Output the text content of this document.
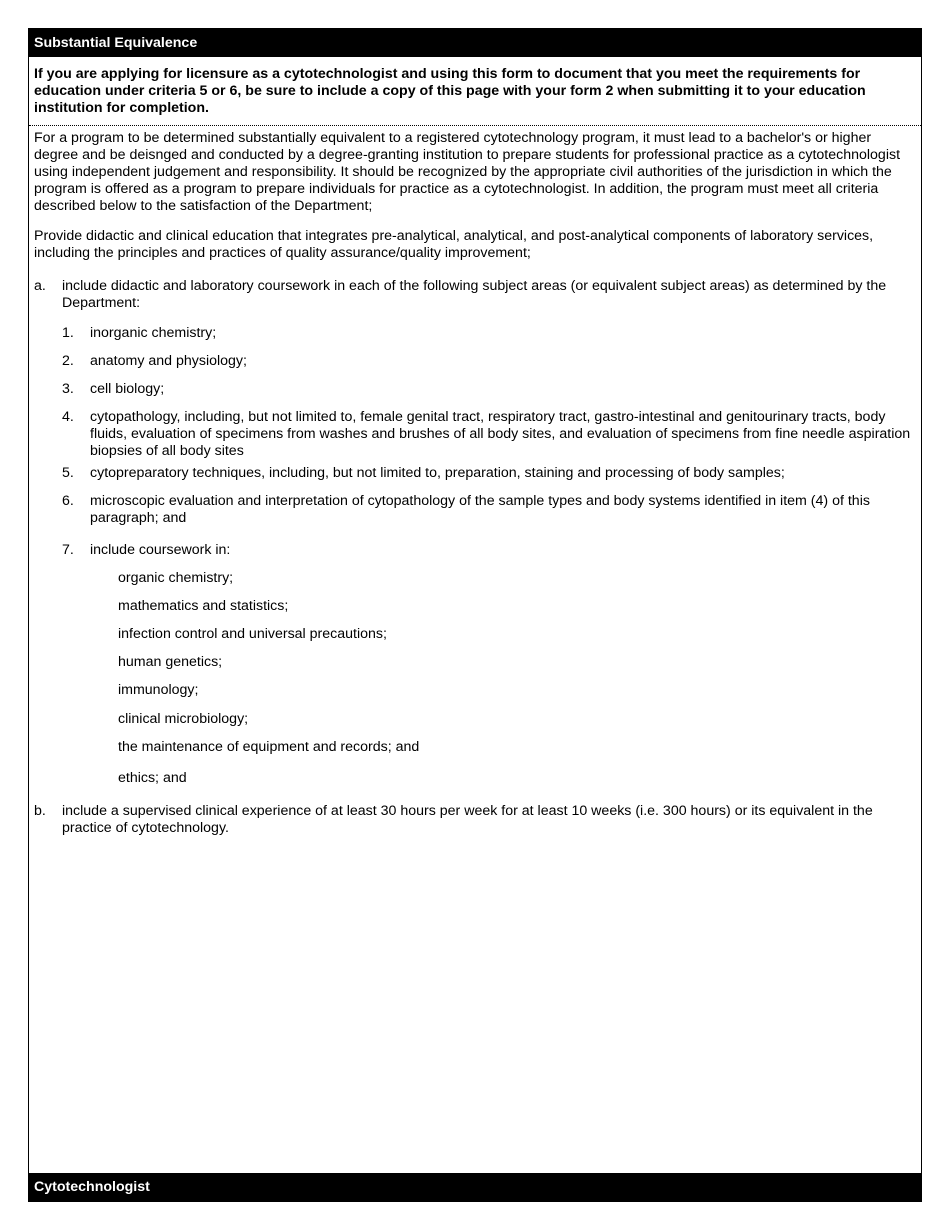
Substantial Equivalence
If you are applying for licensure as a cytotechnologist and using this form to document that you meet the requirements for education under criteria 5 or 6, be sure to include a copy of this page with your form 2 when submitting it to your education institution for completion.
For a program to be determined substantially equivalent to a registered cytotechnology program, it must lead to a bachelor's or higher degree and be deisnged and conducted by a degree-granting institution to prepare students for professional practice as a cytotechnologist using independent judgement and responsibility. It should be recognized by the appropriate civil authorities of the jurisdiction in which the program is offered as a program to prepare individuals for practice as a cytotechnologist. In addition, the program must meet all criteria described below to the satisfaction of the Department;
Provide didactic and clinical education that integrates pre-analytical, analytical, and post-analytical components of laboratory services, including the principles and practices of quality assurance/quality improvement;
a. include didactic and laboratory coursework in each of the following subject areas (or equivalent subject areas) as determined by the Department:
1. inorganic chemistry;
2. anatomy and physiology;
3. cell biology;
4. cytopathology, including, but not limited to, female genital tract, respiratory tract, gastro-intestinal and genitourinary tracts, body fluids, evaluation of specimens from washes and brushes of all body sites, and evaluation of specimens from fine needle aspiration biopsies of all body sites
5. cytopreparatory techniques, including, but not limited to, preparation, staining and processing of body samples;
6. microscopic evaluation and interpretation of cytopathology of the sample types and body systems identified in item (4) of this paragraph; and
7. include coursework in:
organic chemistry;
mathematics and statistics;
infection control and universal precautions;
human genetics;
immunology;
clinical microbiology;
the maintenance of equipment and records; and
ethics; and
b. include a supervised clinical experience of at least 30 hours per week for at least 10 weeks (i.e. 300 hours) or its equivalent in the practice of cytotechnology.
Cytotechnologist
